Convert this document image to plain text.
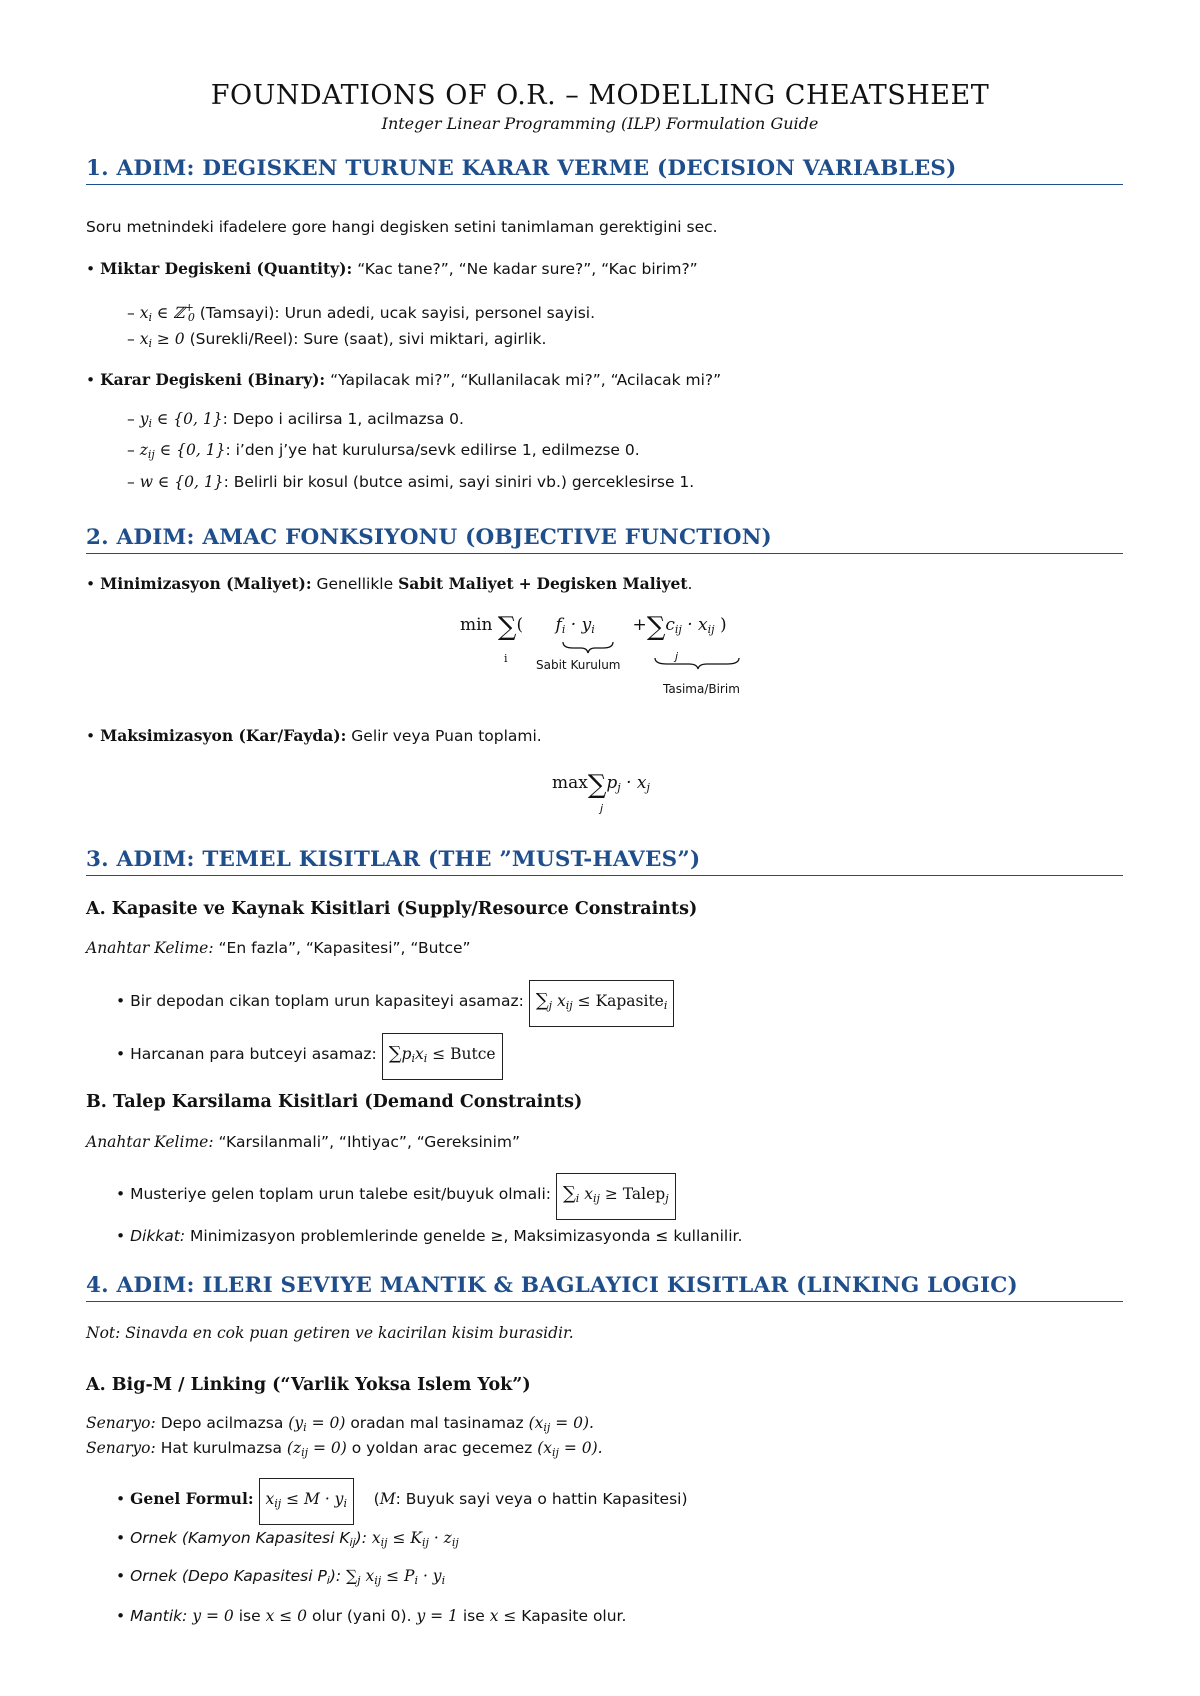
FOUNDATIONS OF O.R. – MODELLING CHEATSHEET
Integer Linear Programming (ILP) Formulation Guide
1. ADIM: DEGISKEN TURUNE KARAR VERME (DECISION VARIABLES)
Soru metnindeki ifadelere gore hangi degisken setini tanimlaman gerektigini sec.
• Miktar Degiskeni (Quantity): “Kac tane?”, “Ne kadar sure?”, “Kac birim?”
– $x_i$ ∈ ℤ+$_0$ (Tamsayi): Urun adedi, ucak sayisi, personel sayisi.
– $x_i \ge 0$ (Surekli/Reel): Sure (saat), sivi miktari, agirlik.
• Karar Degiskeni (Binary): “Yapilacak mi?”, “Kullanilacak mi?”, “Acilacak mi?”
– $y_i$ ∈ {0, 1}: Depo i acilirsa 1, acilmazsa 0.
– $z_{ij}$ ∈ {0, 1}: i’den j’ye hat kurulursa/sevk edilirse 1, edilmezse 0.
– w ∈ {0, 1}: Belirli bir kosul (butce asimi, sayi siniri vb.) gerceklesirse 1.
2. ADIM: AMAC FONKSIYONU (OBJECTIVE FUNCTION)
• Minimizasyon (Maliyet): Genellikle Sabit Maliyet + Degisken Maliyet.
min ∑
i
(      $f_i \cdot y_i$       $+\sum c_{ij} \cdot x_{ij}$ )
Sabit Kurulum
Tasima/Birim
j
• Maksimizasyon (Kar/Fayda): Gelir veya Puan toplami.
$\max\sum p_j \cdot x_j$
j
3. ADIM: TEMEL KISITLAR (THE ”MUST-HAVES”)
A. Kapasite ve Kaynak Kisitlari (Supply/Resource Constraints)
Anahtar Kelime: “En fazla”, “Kapasitesi”, “Butce”
• Bir depodan cikan toplam urun kapasiteyi asamaz: $\sum_j$ $x_{ij}$ ≤ Kapasite$_i$
• Harcanan para butceyi asamaz: $\sum p_ix_i$ ≤ Butce
B. Talep Karsilama Kisitlari (Demand Constraints)
Anahtar Kelime: “Karsilanmali”, “Ihtiyac”, “Gereksinim”
• Musteriye gelen toplam urun talebe esit/buyuk olmali: $\sum_i$ $x_{ij}$ ≥ Talep$_j$
• Dikkat: Minimizasyon problemlerinde genelde ≥, Maksimizasyonda ≤ kullanilir.
4. ADIM: ILERI SEVIYE MANTIK & BAGLAYICI KISITLAR (LINKING LOGIC)
Not: Sinavda en cok puan getiren ve kacirilan kisim burasidir.
A. Big-M / Linking (“Varlik Yoksa Islem Yok”)
Senaryo: Depo acilmazsa $(y_i = 0)$ oradan mal tasinamaz $(x_{ij} = 0)$.
Senaryo: Hat kurulmazsa $(z_{ij} = 0)$ o yoldan arac gecemez $(x_{ij} = 0)$.
• Genel Formul: $x_{ij} \le M \cdot y_i$    (M: Buyuk sayi veya o hattin Kapasitesi)
• Ornek (Kamyon Kapasitesi $K_{ij}$): $x_{ij} \le K_{ij} \cdot z_{ij}$
• Ornek (Depo Kapasitesi $P_i$): $\sum_j$ $x_{ij} \le P_i \cdot y_i$
• Mantik: y = 0 ise x ≤ 0 olur (yani 0). y = 1 ise x ≤ Kapasite olur.
